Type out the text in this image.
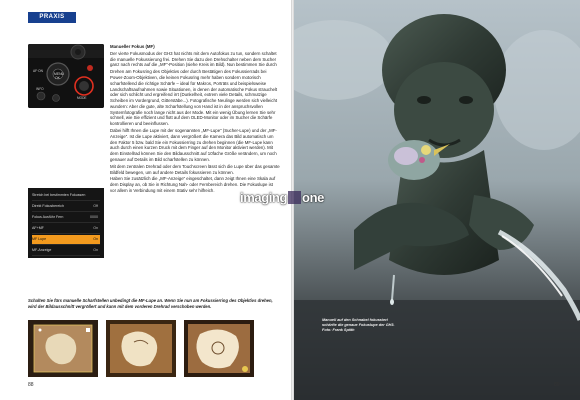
PRAXIS
MENU
OK
INFO
AF·ON
MODE
Stretch bei bestimmten Fokussen
Direkt Fokusbereich	Off
Fokus Ausführ Fern	0000
AF+MF	On
MF Lupe	On
MF-Anzeige	On

Manueller Fokus (MF)

Der vierte Fokusmodus der GH3 hat nichts mit dem Autofokus zu tun, sondern schaltet die manuelle Fokussierung frei. Drehen Sie dazu den Drehschalter neben dem Sucher ganz nach rechts auf die „MF“-Position (siehe Kreis im Bild). Nun bestimmen Sie durch

Drehen am Fokusring des Objektivs oder durch Bestätigen des Fokussierrads bei Power-Zoom-Objektiven, die keinen Fokusring mehr haben sondern motorisch scharfstellend die richtige Schärfe – ideal für Makros, Porträts und beispielsweise Landschaftsaufnahmen sowie Situationen, in denen der automatische Fokus strauchelt oder sich schlicht und ergreifend irrt (Dunkelheit, extrem viele Details, schmutzige Scheiben im Vordergrund, Gitterstäbe...). Fotografische Neulinge werden sich vielleicht wundern: Aber die gute, alte Scharfstellung von Hand ist in der anspruchsvollen Systemfotografie noch lange nicht aus der Mode. Mit ein wenig Übung lernen Sie sehr schnell, wie Sie effizient und flott auf dem OLED-Monitor oder im Sucher die Schärfe kontrollieren und beeinflussen.

Dabei hilft Ihnen die Lupe mit der sogenannten „MF-Lupe“ (Sucher-Lupe) und der „MF-Anzeige“. Ist die Lupe aktiviert, dann vergrößert die Kamera das Bild automatisch um den Faktor 5 bzw. bald Sie ein Fokussierring zu drehen beginnen (die MF-Lupe kann auch durch einen kurzen Druck mit dem Finger auf den Monitor aktiviert werden). Mit dem Einstellrad können Sie den Bildausschnitt auf 10fache Größe verändern, um noch genauer auf Details im Bild scharfstellen zu können.

Mit dem zentralen Drehrad oder dem Touchscreen lässt sich die Lupe über das gesamte Bildfeld bewegen, um auf andere Details fokussieren zu können.

Haben Sie zusätzlich die „MF-Anzeige“ eingeschaltet, dann zeigt Ihnen eine Skala auf dem Display an, ob Sie in Richtung Nah- oder Fernbereich drehen. Die Fokuslupe ist vor allem in Verbindung mit einem Stativ sehr hilfreich.

Schalten Sie fürs manuelle Scharfstellen unbedingt die MF-Lupe an. Wenn Sie nun am Fokussierring des Objektivs drehen, wird der Bildausschnitt vergrößert und kann mit dem vorderen Drehrad verschoben werden.
88
Manuell auf den Schnabel fokussiert schärfte die genaue Fokuslupe der GH3. Foto: Frank Späth
89
imaging one
